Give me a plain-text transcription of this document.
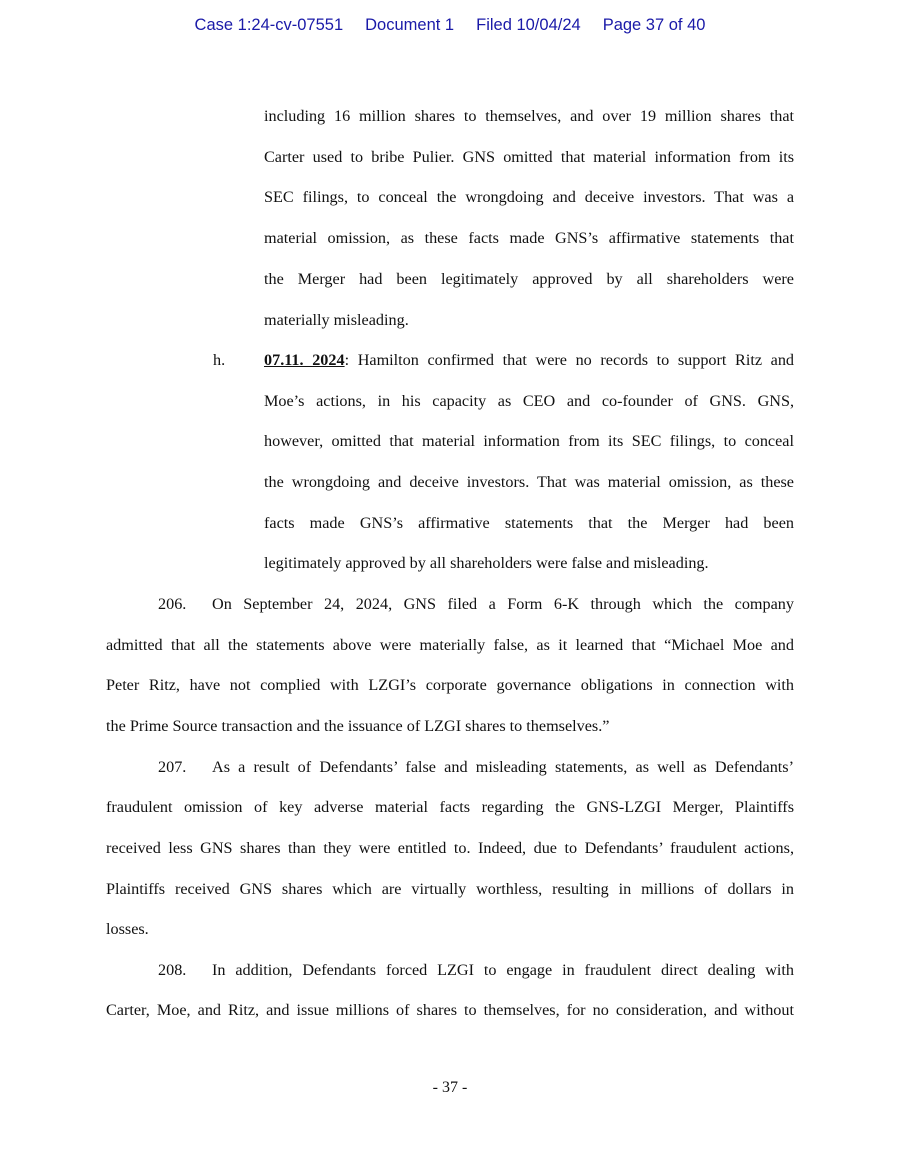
Case 1:24-cv-07551 Document 1 Filed 10/04/24 Page 37 of 40
including 16 million shares to themselves, and over 19 million shares that
Carter used to bribe Pulier. GNS omitted that material information from its
SEC filings, to conceal the wrongdoing and deceive investors. That was a
material omission, as these facts made GNS’s affirmative statements that
the Merger had been legitimately approved by all shareholders were
materially misleading.
h. 07.11. 2024: Hamilton confirmed that were no records to support Ritz and
Moe’s actions, in his capacity as CEO and co-founder of GNS. GNS,
however, omitted that material information from its SEC filings, to conceal
the wrongdoing and deceive investors. That was material omission, as these
facts made GNS’s affirmative statements that the Merger had been
legitimately approved by all shareholders were false and misleading.
206. On September 24, 2024, GNS filed a Form 6-K through which the company
admitted that all the statements above were materially false, as it learned that “Michael Moe and
Peter Ritz, have not complied with LZGI’s corporate governance obligations in connection with
the Prime Source transaction and the issuance of LZGI shares to themselves.”
207. As a result of Defendants’ false and misleading statements, as well as Defendants’
fraudulent omission of key adverse material facts regarding the GNS-LZGI Merger, Plaintiffs
received less GNS shares than they were entitled to. Indeed, due to Defendants’ fraudulent actions,
Plaintiffs received GNS shares which are virtually worthless, resulting in millions of dollars in
losses.
208. In addition, Defendants forced LZGI to engage in fraudulent direct dealing with
Carter, Moe, and Ritz, and issue millions of shares to themselves, for no consideration, and without
- 37 -
